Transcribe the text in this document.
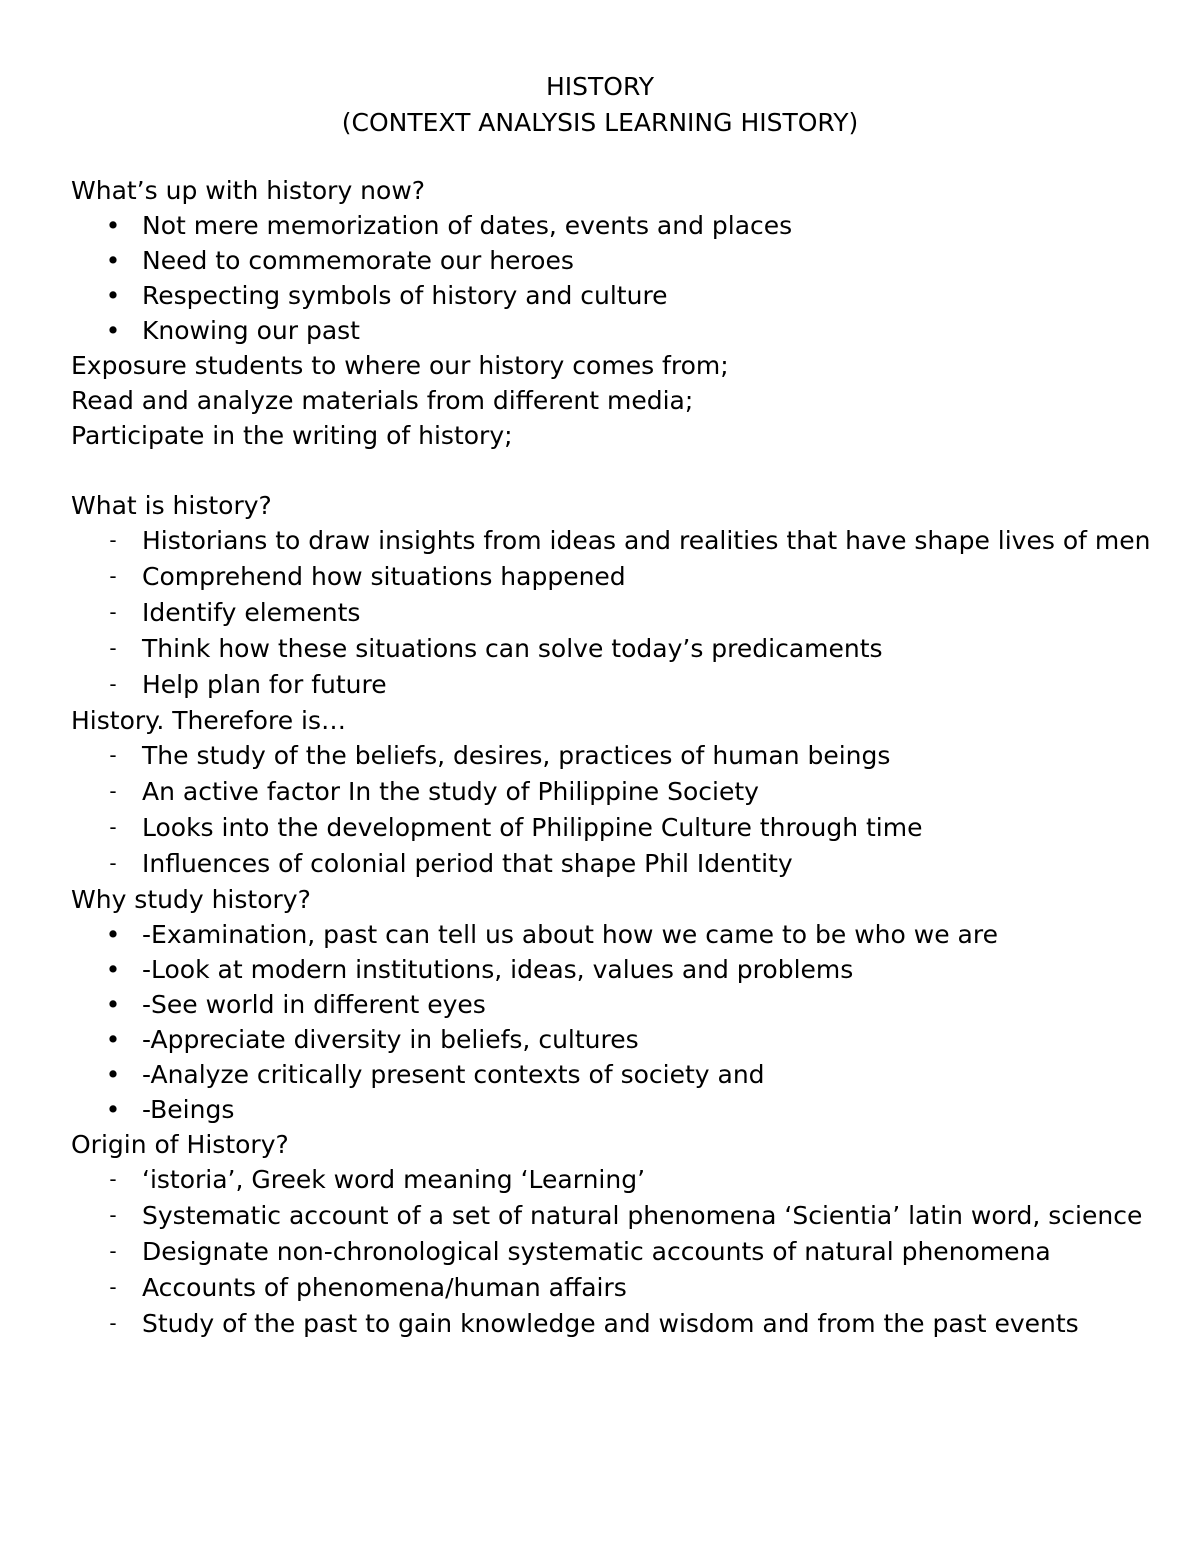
HISTORY
(CONTEXT ANALYSIS LEARNING HISTORY)

What’s up with history now?

• Not mere memorization of dates, events and places
• Need to commemorate our heroes
• Respecting symbols of history and culture
• Knowing our past

Exposure students to where our history comes from;

Read and analyze materials from different media;

Participate in the writing of history;

What is history?

- Historians to draw insights from ideas and realities that have shape lives of men
- Comprehend how situations happened
- Identify elements
- Think how these situations can solve today’s predicaments
- Help plan for future

History. Therefore is…

- The study of the beliefs, desires, practices of human beings
- An active factor In the study of Philippine Society
- Looks into the development of Philippine Culture through time
- Influences of colonial period that shape Phil Identity

Why study history?

• -Examination, past can tell us about how we came to be who we are
• -Look at modern institutions, ideas, values and problems
• -See world in different eyes
• -Appreciate diversity in beliefs, cultures
• -Analyze critically present contexts of society and
• -Beings

Origin of History?

- ‘istoria’, Greek word meaning ‘Learning’
- Systematic account of a set of natural phenomena ‘Scientia’ latin word, science
- Designate non-chronological systematic accounts of natural phenomena
- Accounts of phenomena/human affairs
- Study of the past to gain knowledge and wisdom and from the past events
